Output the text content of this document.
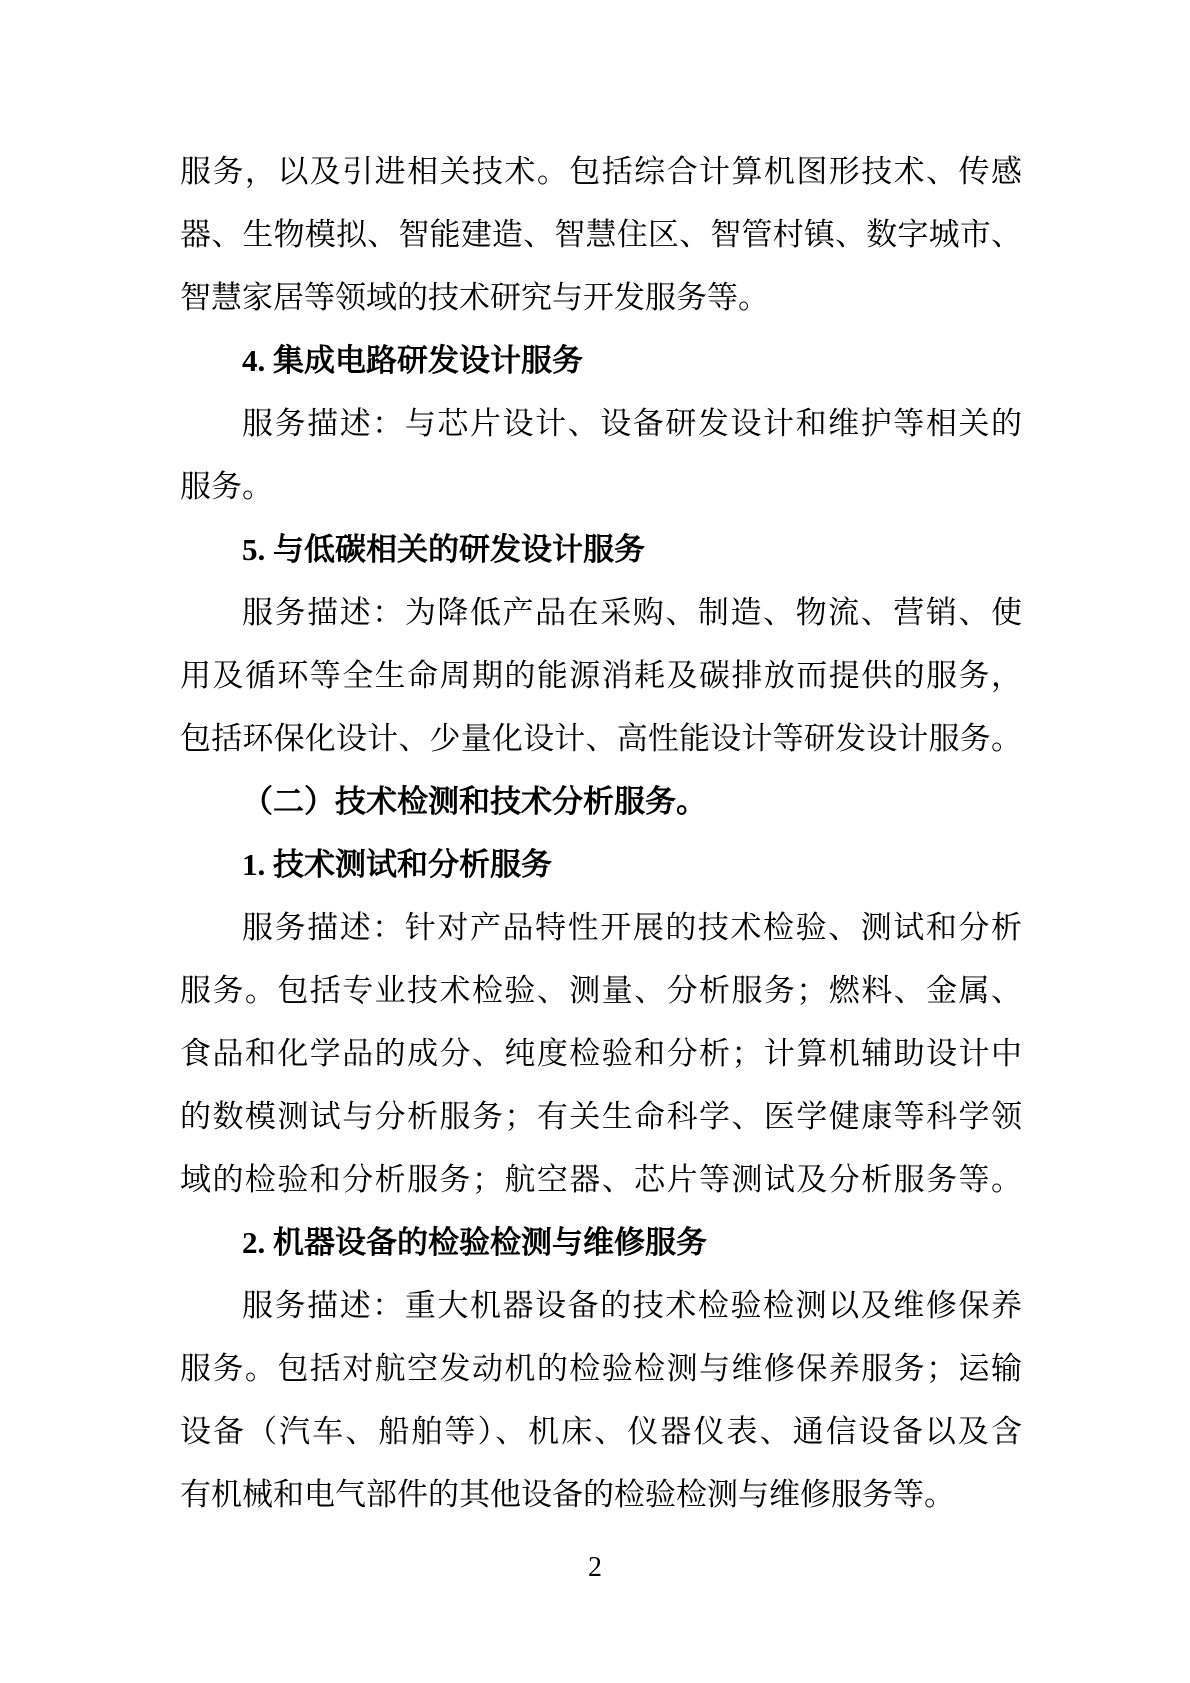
服务，以及引进相关技术。包括综合计算机图形技术、传感
器、生物模拟、智能建造、智慧住区、智管村镇、数字城市、
智慧家居等领域的技术研究与开发服务等。
4. 集成电路研发设计服务
服务描述：与芯片设计、设备研发设计和维护等相关的
服务。
5. 与低碳相关的研发设计服务
服务描述：为降低产品在采购、制造、物流、营销、使
用及循环等全生命周期的能源消耗及碳排放而提供的服务，
包括环保化设计、少量化设计、高性能设计等研发设计服务。
（二）技术检测和技术分析服务。
1. 技术测试和分析服务
服务描述：针对产品特性开展的技术检验、测试和分析
服务。包括专业技术检验、测量、分析服务；燃料、金属、
食品和化学品的成分、纯度检验和分析；计算机辅助设计中
的数模测试与分析服务；有关生命科学、医学健康等科学领
域的检验和分析服务；航空器、芯片等测试及分析服务等。
2. 机器设备的检验检测与维修服务
服务描述：重大机器设备的技术检验检测以及维修保养
服务。包括对航空发动机的检验检测与维修保养服务；运输
设备（汽车、船舶等）、机床、仪器仪表、通信设备以及含
有机械和电气部件的其他设备的检验检测与维修服务等。
2
